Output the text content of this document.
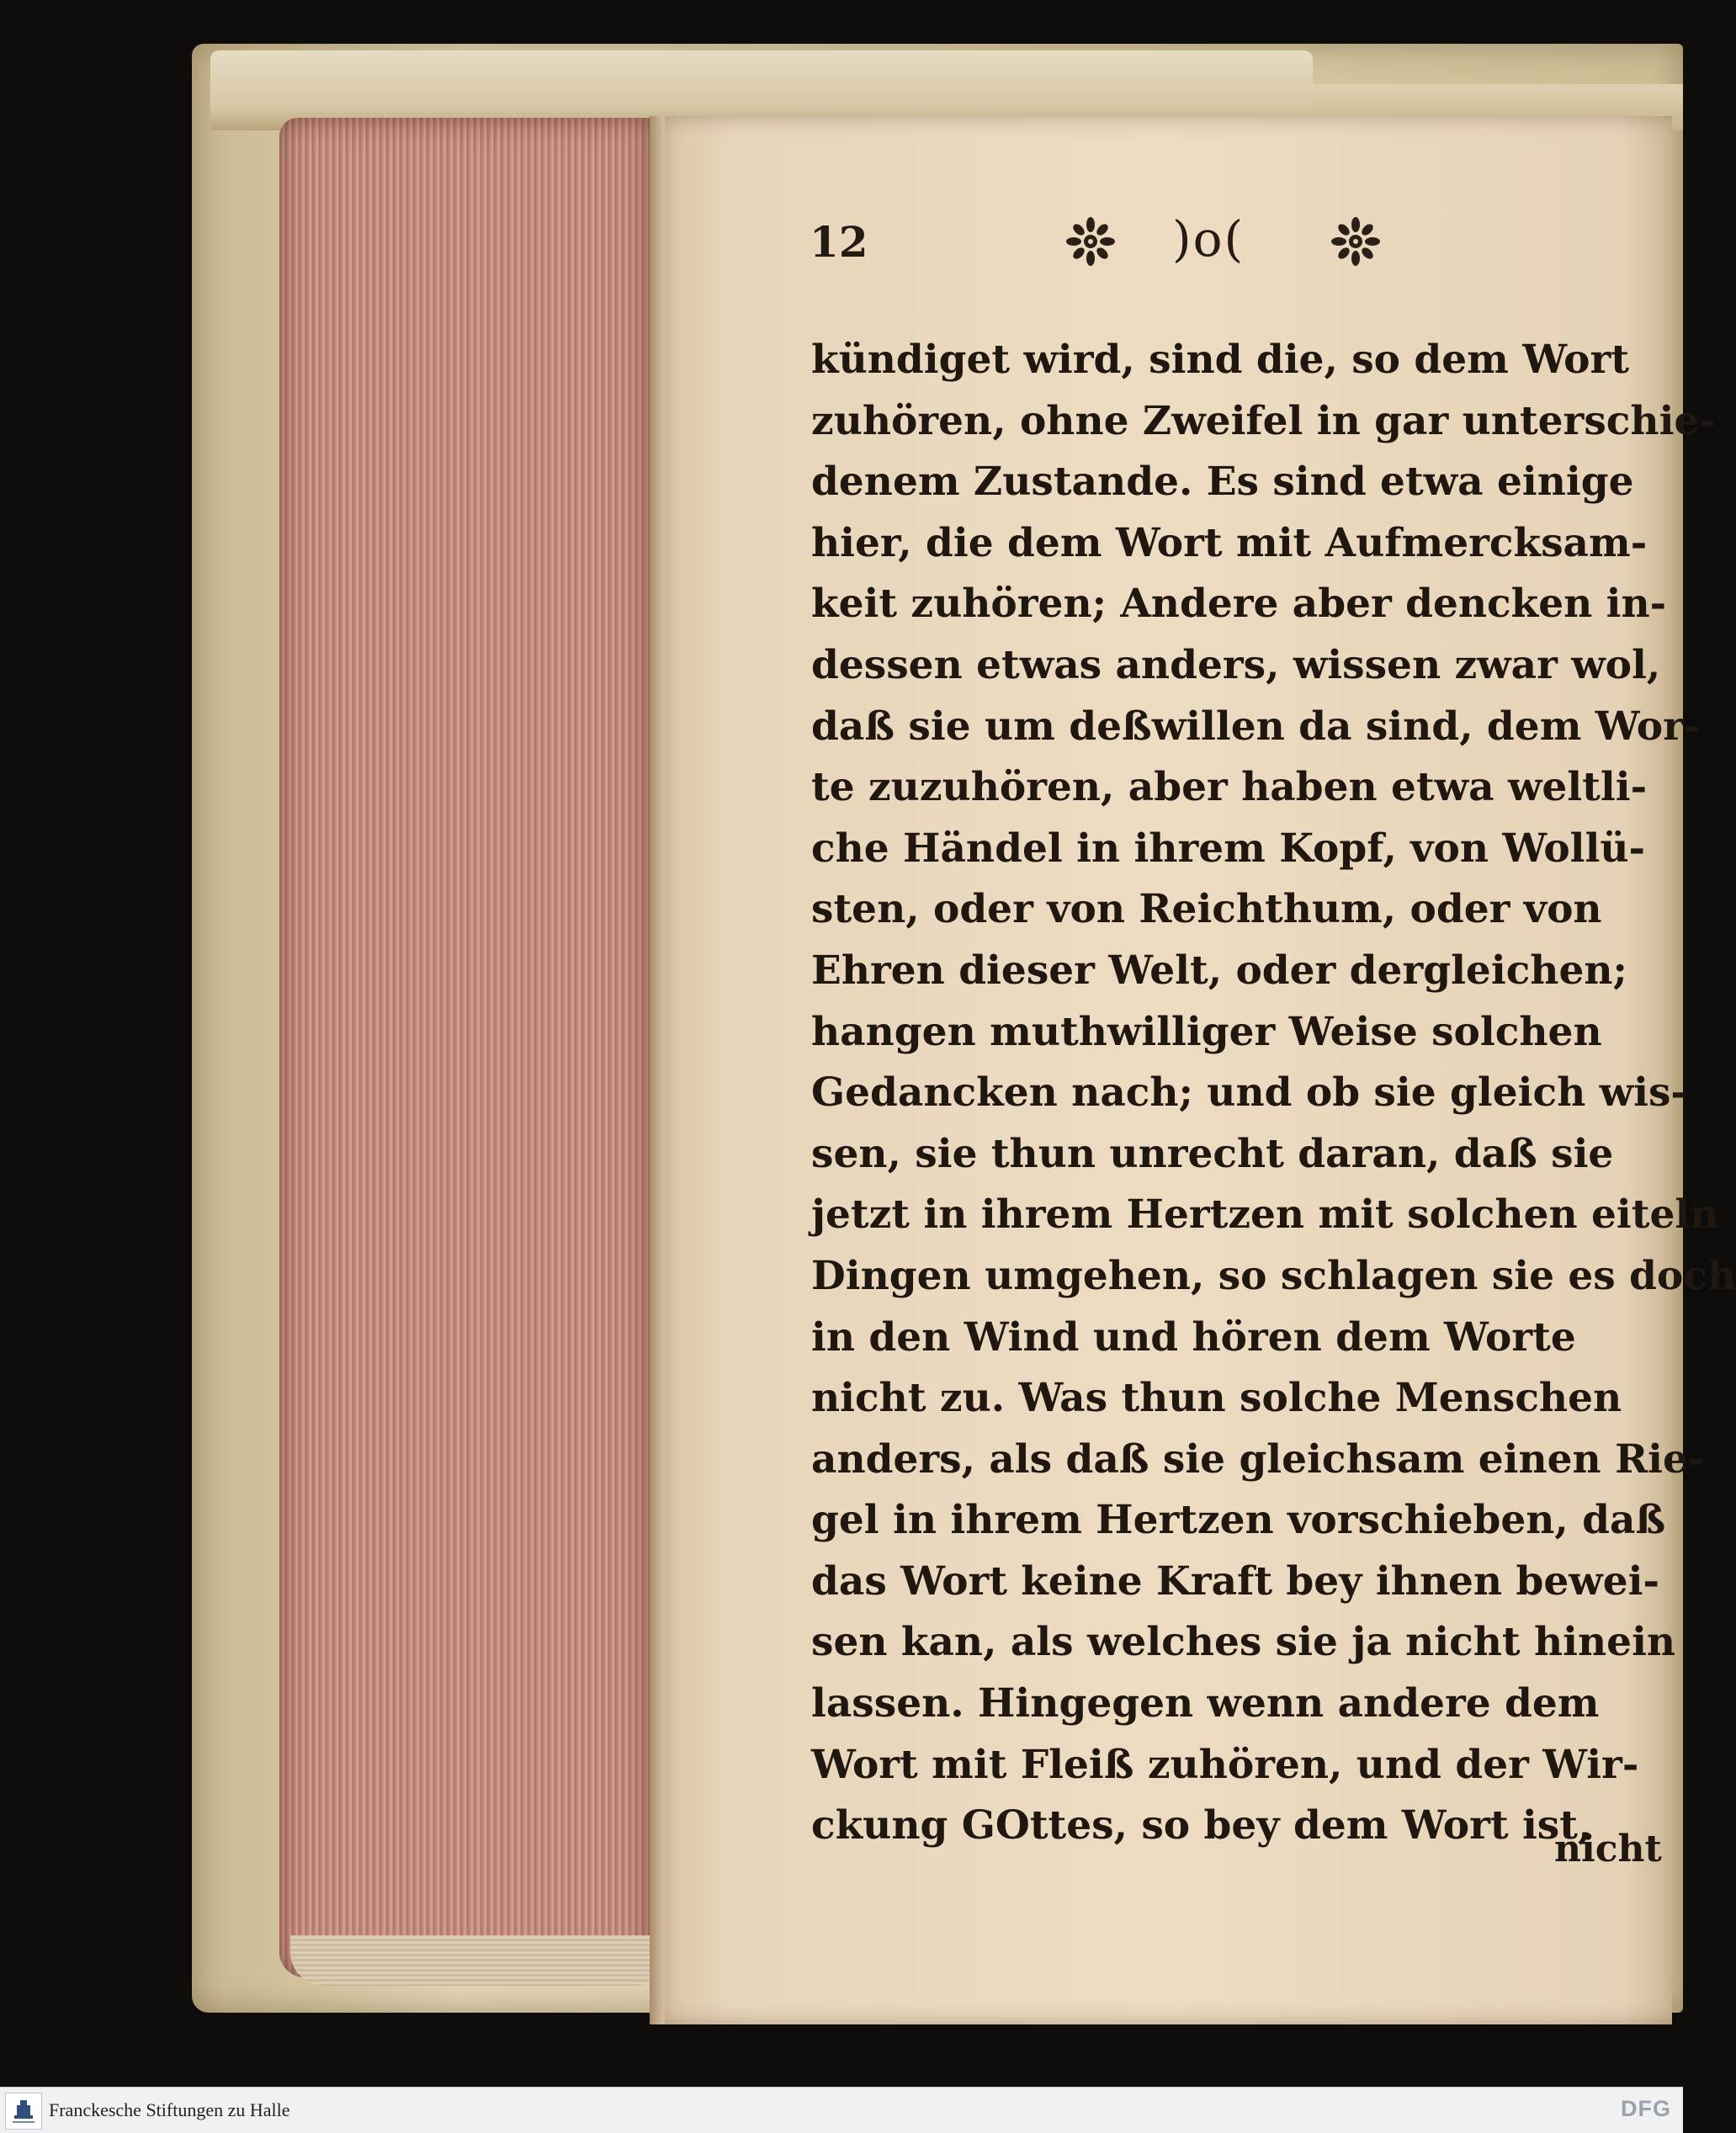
12	)o(
kündiget wird, sind die, so dem Wort
zuhören, ohne Zweifel in gar unterschie-
denem Zustande. Es sind etwa einige
hier, die dem Wort mit Aufmercksam-
keit zuhören; Andere aber dencken in-
dessen etwas anders, wissen zwar wol,
daß sie um deßwillen da sind, dem Wor-
te zuzuhören, aber haben etwa weltli-
che Händel in ihrem Kopf, von Wollü-
sten, oder von Reichthum, oder von
Ehren dieser Welt, oder dergleichen;
hangen muthwilliger Weise solchen
Gedancken nach; und ob sie gleich wis-
sen, sie thun unrecht daran, daß sie
jetzt in ihrem Hertzen mit solchen eiteln
Dingen umgehen, so schlagen sie es doch
in den Wind und hören dem Worte
nicht zu. Was thun solche Menschen
anders, als daß sie gleichsam einen Rie-
gel in ihrem Hertzen vorschieben, daß
das Wort keine Kraft bey ihnen bewei-
sen kan, als welches sie ja nicht hinein
lassen. Hingegen wenn andere dem
Wort mit Fleiß zuhören, und der Wir-
ckung GOttes, so bey dem Wort ist,
nicht
Franckesche Stiftungen zu Halle	DFG
